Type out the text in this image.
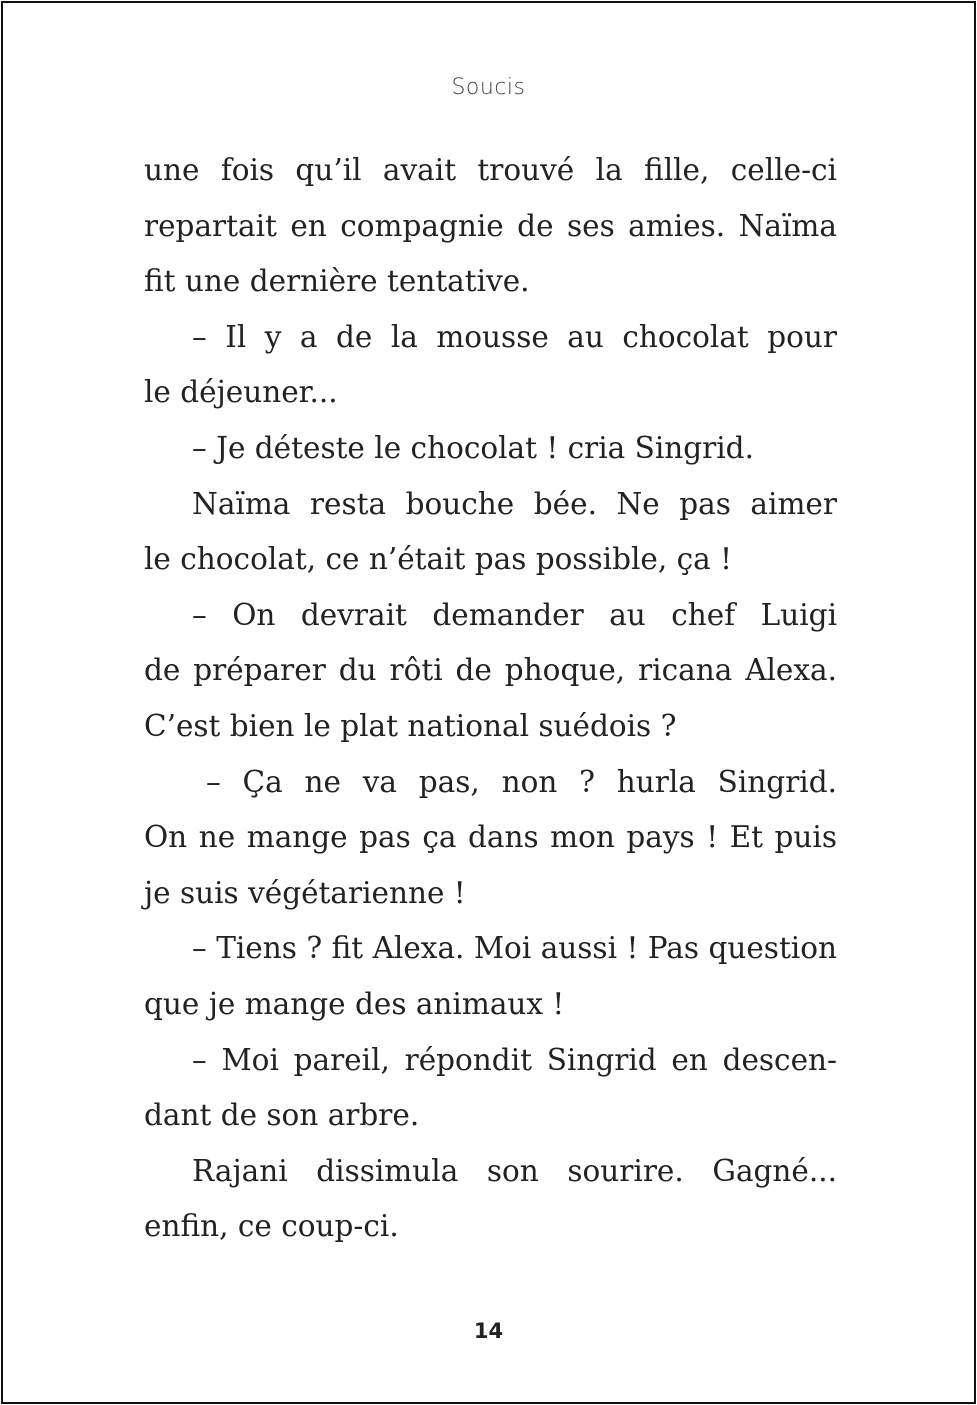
Soucis
une fois qu’il avait trouvé la fille, celle-ci
repartait en compagnie de ses amies. Naïma
fit une dernière tentative.
– Il y a de la mousse au chocolat pour
le déjeuner...
– Je déteste le chocolat ! cria Singrid.
Naïma resta bouche bée. Ne pas aimer
le chocolat, ce n’était pas possible, ça !
– On devrait demander au chef Luigi
de préparer du rôti de phoque, ricana Alexa.
C’est bien le plat national suédois ?
– Ça ne va pas, non ? hurla Singrid.
On ne mange pas ça dans mon pays ! Et puis
je suis végétarienne !
– Tiens ? fit Alexa. Moi aussi ! Pas question
que je mange des animaux !
– Moi pareil, répondit Singrid en descen-
dant de son arbre.
Rajani dissimula son sourire. Gagné...
enfin, ce coup-ci.
14
